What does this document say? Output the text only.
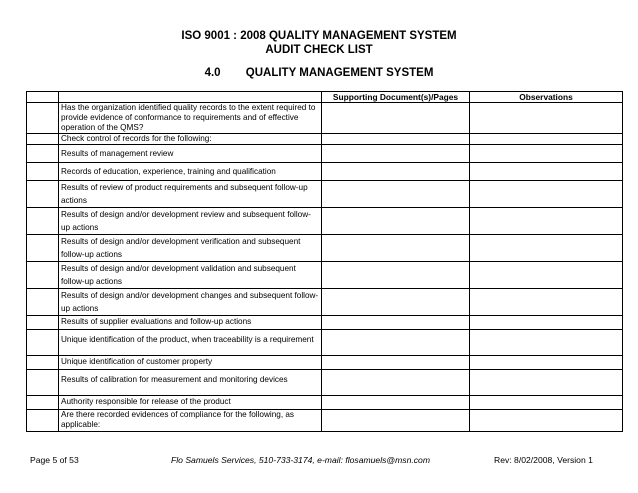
ISO 9001 : 2008 QUALITY MANAGEMENT SYSTEM
AUDIT CHECK LIST
4.0 QUALITY MANAGEMENT SYSTEM
		Supporting Document(s)/Pages	Observations
	Has the organization identified quality records to the extent required to provide evidence of conformance to requirements and of effective operation of the QMS?		
	Check control of records for the following:		
	Results of management review		
	Records of education, experience, training and qualification		
	Results of review of product requirements and subsequent follow-up actions		
	Results of design and/or development review and subsequent follow-up actions		
	Results of design and/or development verification and subsequent follow-up actions		
	Results of design and/or development validation and subsequent follow-up actions		
	Results of design and/or development changes and subsequent follow-up actions		
	Results of supplier evaluations and follow-up actions		
	Unique identification of the product, when traceability is a requirement		
	Unique identification of customer property		
	Results of calibration for measurement and monitoring devices		
	Authority responsible for release of the product		
	Are there recorded evidences of compliance for the following, as applicable:		
Page 5 of 53	Flo Samuels Services, 510-733-3174, e-mail: flosamuels@msn.com	Rev: 8/02/2008, Version 1
